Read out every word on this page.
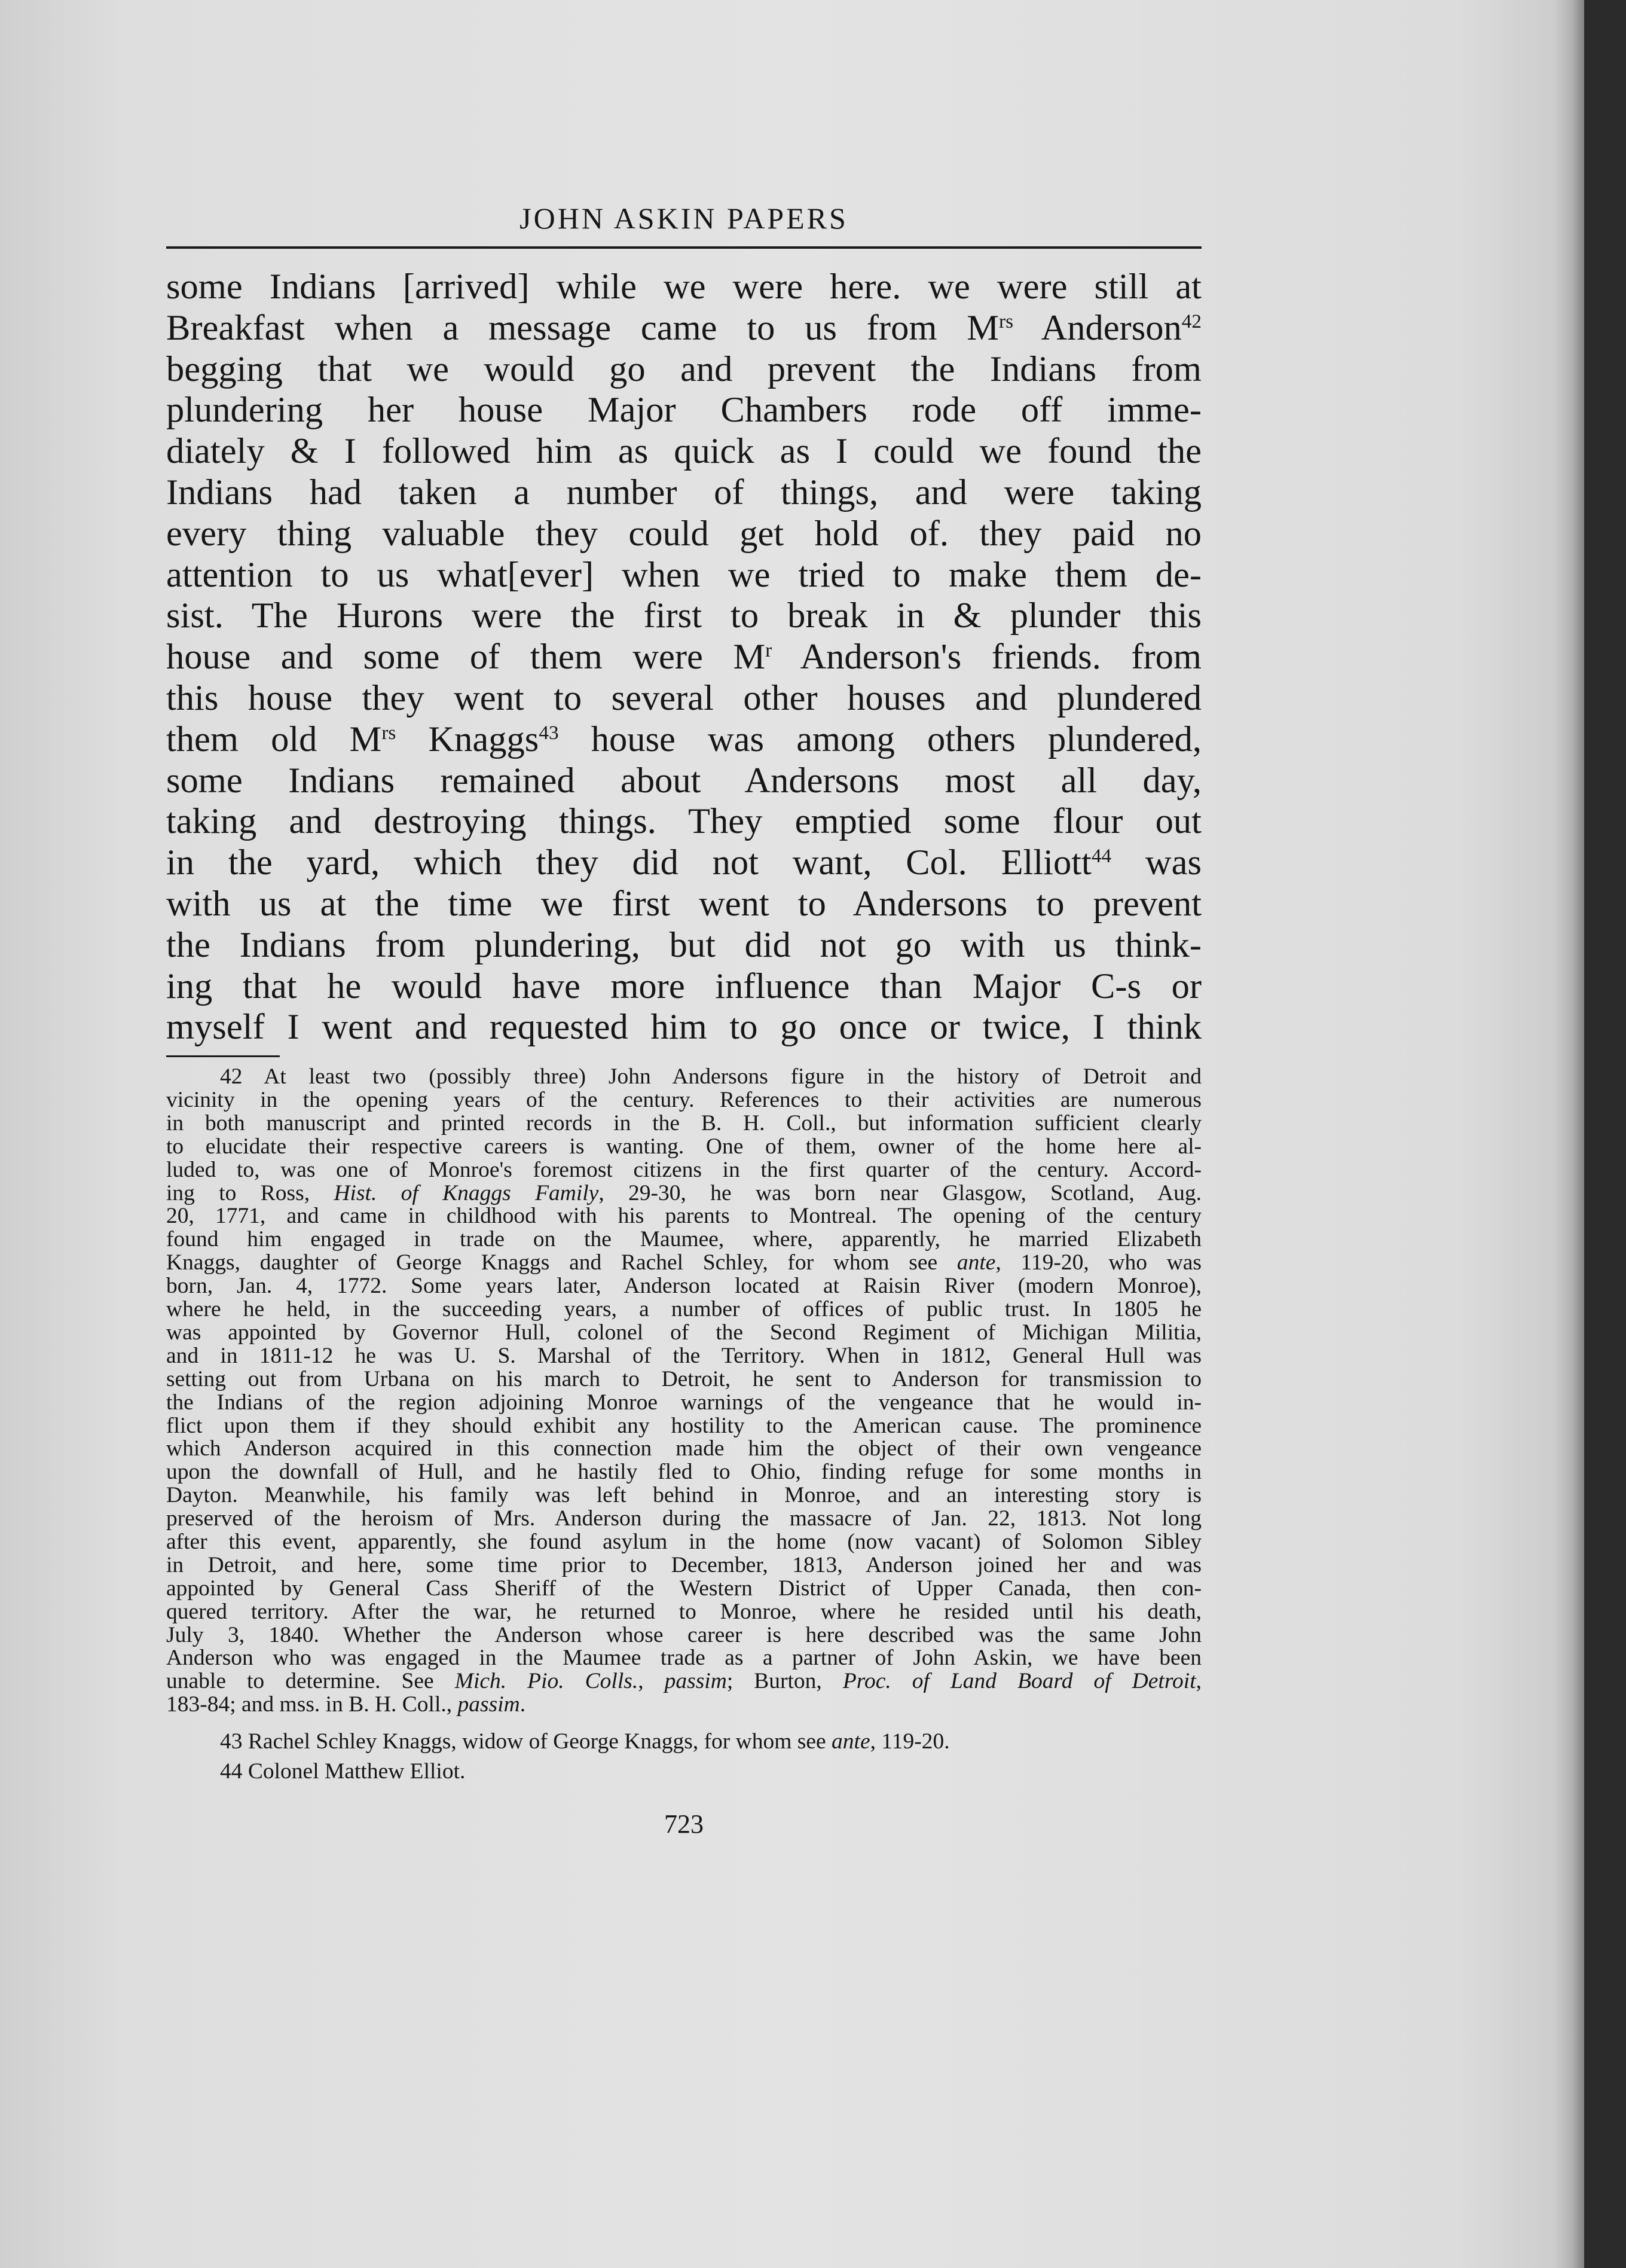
JOHN ASKIN PAPERS
some Indians [arrived] while we were here. we were still at
Breakfast when a message came to us from $M^{rs}$ Anderson$^{42}$
begging that we would go and prevent the Indians from
plundering her house Major Chambers rode off imme-
diately & I followed him as quick as I could we found the
Indians had taken a number of things, and were taking
every thing valuable they could get hold of. they paid no
attention to us what[ever] when we tried to make them de-
sist. The Hurons were the first to break in & plunder this
house and some of them were $M^r$ Anderson's friends. from
this house they went to several other houses and plundered
them old $M^{rs}$ Knaggs$^{43}$ house was among others plundered,
some Indians remained about Andersons most all day,
taking and destroying things. They emptied some flour out
in the yard, which they did not want, Col. Elliott$^{44}$ was
with us at the time we first went to Andersons to prevent
the Indians from plundering, but did not go with us think-
ing that he would have more influence than Major C-s or
myself I went and requested him to go once or twice, I think
42 At least two (possibly three) John Andersons figure in the history of Detroit and
vicinity in the opening years of the century. References to their activities are numerous
in both manuscript and printed records in the B. H. Coll., but information sufficient clearly
to elucidate their respective careers is wanting. One of them, owner of the home here al-
luded to, was one of Monroe's foremost citizens in the first quarter of the century. Accord-
ing to Ross, Hist. of Knaggs Family, 29-30, he was born near Glasgow, Scotland, Aug.
20, 1771, and came in childhood with his parents to Montreal. The opening of the century
found him engaged in trade on the Maumee, where, apparently, he married Elizabeth
Knaggs, daughter of George Knaggs and Rachel Schley, for whom see ante, 119-20, who was
born, Jan. 4, 1772. Some years later, Anderson located at Raisin River (modern Monroe),
where he held, in the succeeding years, a number of offices of public trust. In 1805 he
was appointed by Governor Hull, colonel of the Second Regiment of Michigan Militia,
and in 1811-12 he was U. S. Marshal of the Territory. When in 1812, General Hull was
setting out from Urbana on his march to Detroit, he sent to Anderson for transmission to
the Indians of the region adjoining Monroe warnings of the vengeance that he would in-
flict upon them if they should exhibit any hostility to the American cause. The prominence
which Anderson acquired in this connection made him the object of their own vengeance
upon the downfall of Hull, and he hastily fled to Ohio, finding refuge for some months in
Dayton. Meanwhile, his family was left behind in Monroe, and an interesting story is
preserved of the heroism of Mrs. Anderson during the massacre of Jan. 22, 1813. Not long
after this event, apparently, she found asylum in the home (now vacant) of Solomon Sibley
in Detroit, and here, some time prior to December, 1813, Anderson joined her and was
appointed by General Cass Sheriff of the Western District of Upper Canada, then con-
quered territory. After the war, he returned to Monroe, where he resided until his death,
July 3, 1840. Whether the Anderson whose career is here described was the same John
Anderson who was engaged in the Maumee trade as a partner of John Askin, we have been
unable to determine. See Mich. Pio. Colls., passim; Burton, Proc. of Land Board of Detroit,
183-84; and mss. in B. H. Coll., passim.
43 Rachel Schley Knaggs, widow of George Knaggs, for whom see ante, 119-20.
44 Colonel Matthew Elliot.
723
